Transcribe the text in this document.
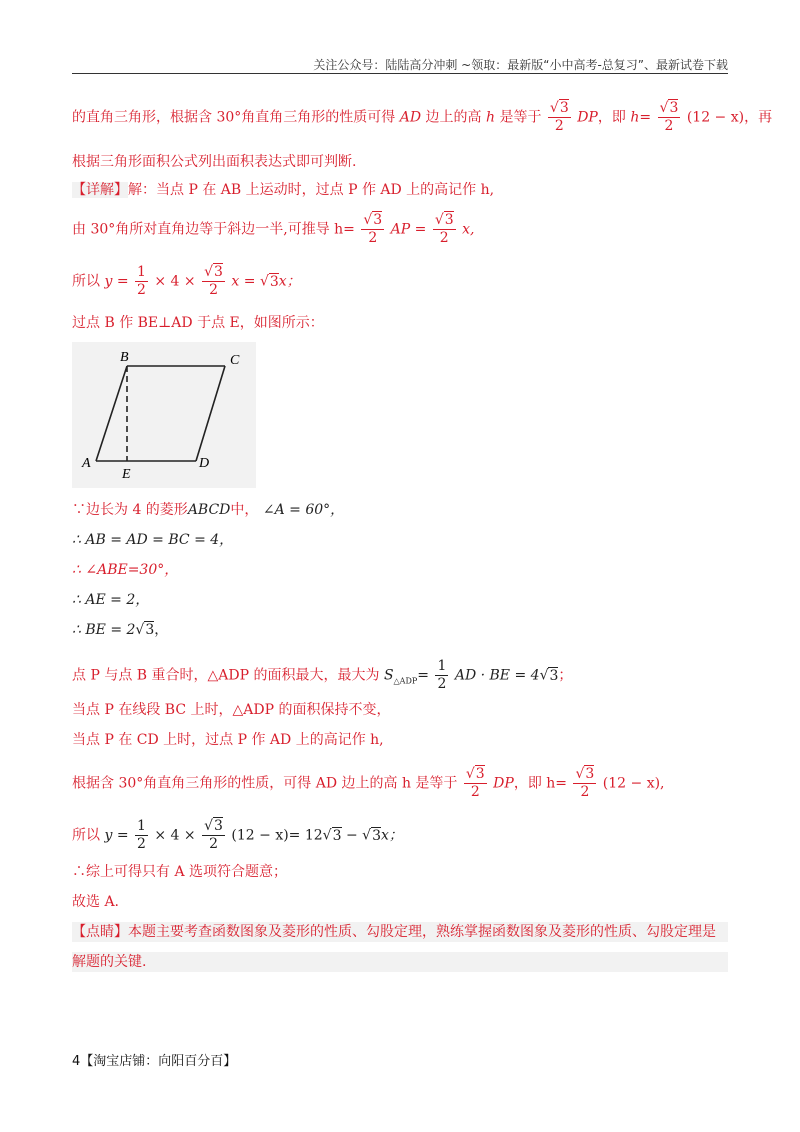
关注公众号：陆陆高分冲刺 ~领取：最新版“小中高考-总复习”、最新试卷下载
的直角三角形，根据含 30°角直角三角形的性质可得 AD 边上的高 h 是等于 $\frac{√3}{2}$ DP，即 $h= \frac{√3}{2} (12 - x)$，再
根据三角形面积公式列出面积表达式即可判断.
【详解】解：当点 P 在 AB 上运动时，过点 P 作 AD 上的高记作 h,
由 30°角所对直角边等于斜边一半,可推导 $h= \frac{√3}{2}$ AP = $\frac{√3}{2} x$,
所以 $y = \frac{1}{2} \times 4 \times \frac{√3}{2}$ x = √3x；
过点 B 作 BE⊥AD 于点 E，如图所示：
B	C
A	D
E
∵边长为 4 的菱形ABCD中， ∠A = 60°，
∴ AB = AD = BC = 4，
∴ ∠ABE=30°，
∴ AE = 2，
∴ BE = 2√3，
点 P 与点 B 重合时，△ADP 的面积最大，最大为 $S_{\triangle ADP}= \frac{1}{2}$ AD · BE = 4√3；
当点 P 在线段 BC 上时，△ADP 的面积保持不变，
当点 P 在 CD 上时，过点 P 作 AD 上的高记作 h,
根据含 30°角直角三角形的性质，可得 AD 边上的高 h 是等于 $\frac{√3}{2}$ DP，即 $h= \frac{√3}{2} (12 - x)$,
所以 $y = \frac{1}{2} \times 4 \times \frac{√3}{2} (12 - x)= 12√3 - √3x$；
∴综上可得只有 A 选项符合题意；
故选 A.
【点睛】本题主要考查函数图象及菱形的性质、勾股定理，熟练掌握函数图象及菱形的性质、勾股定理是
解题的关键.
4【淘宝店铺：向阳百分百】
